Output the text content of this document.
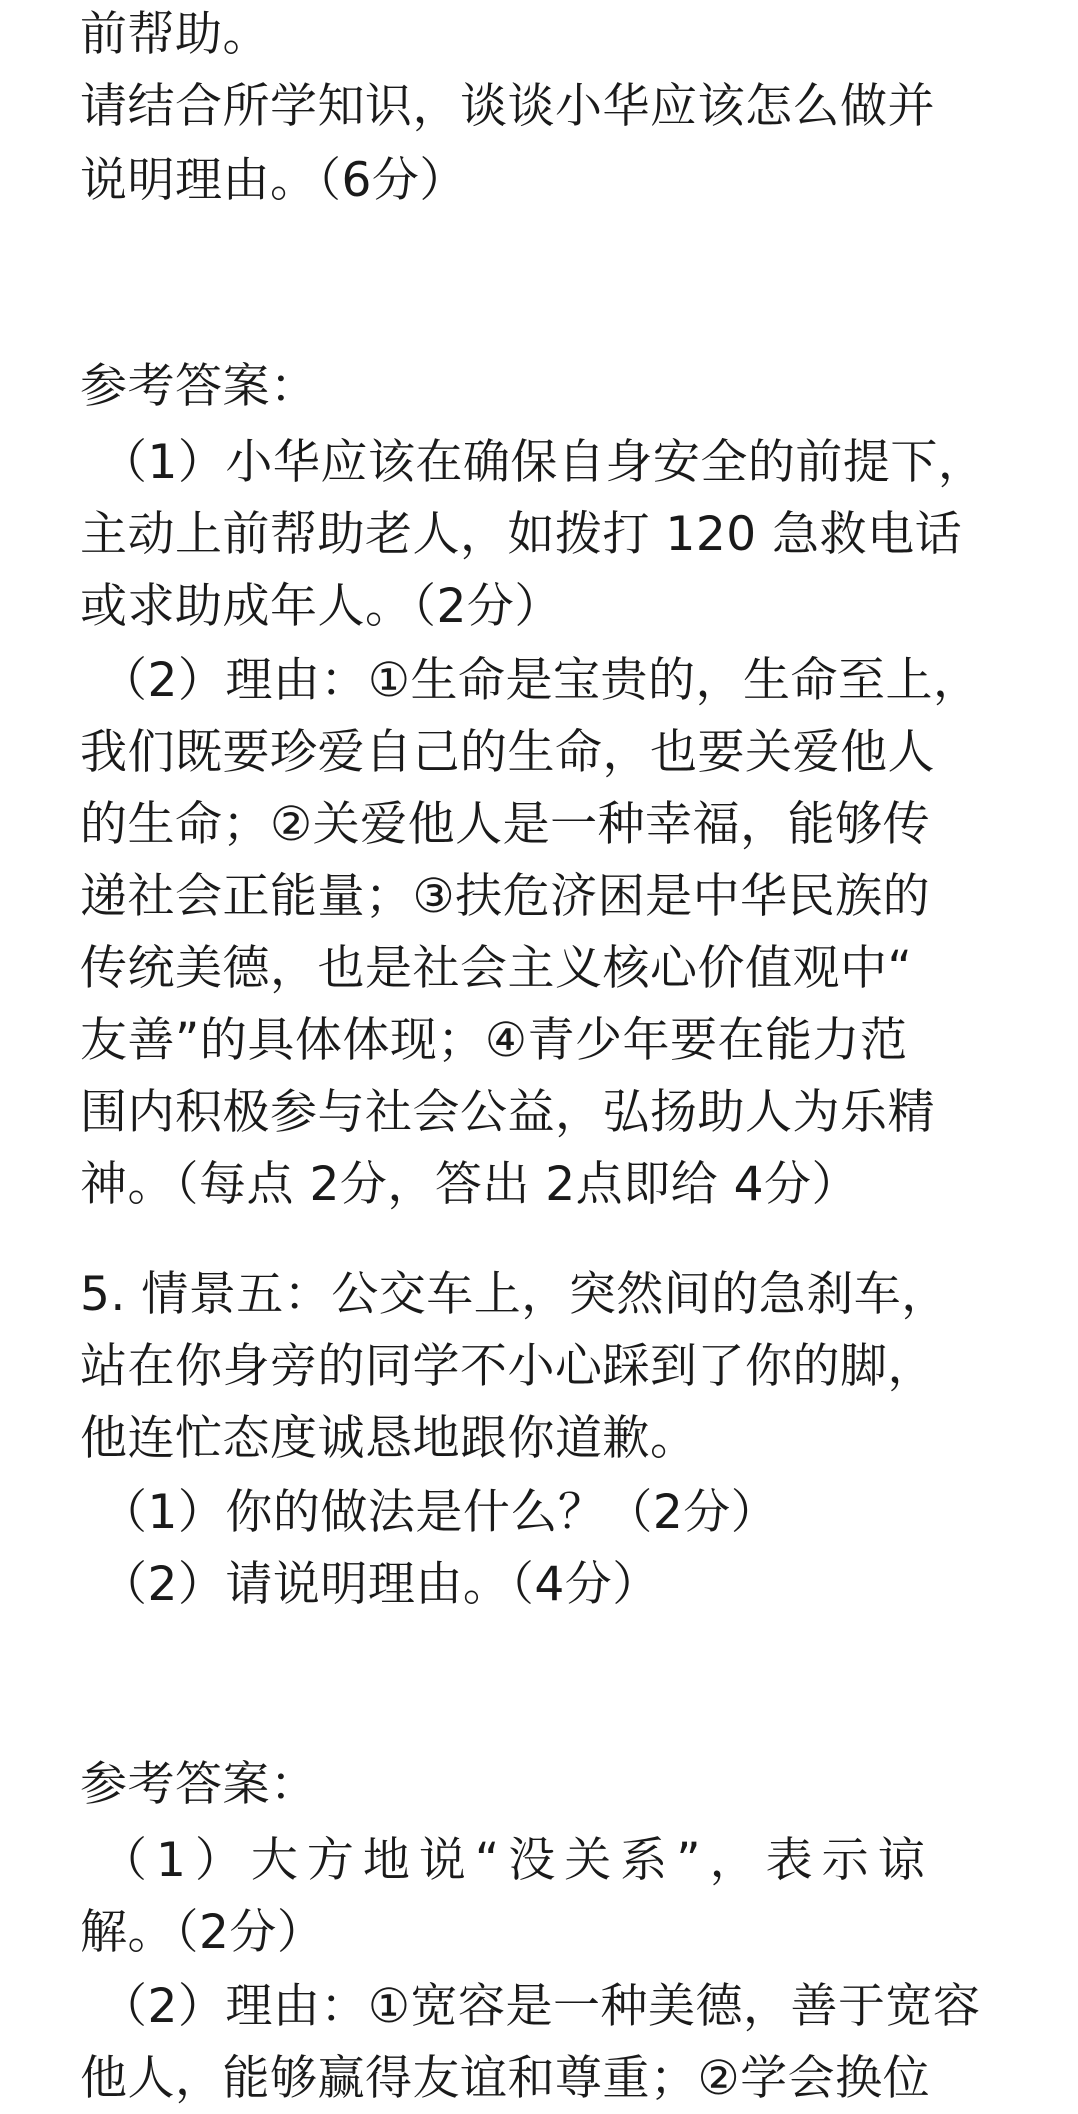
前帮助。
请结合所学知识，谈谈小华应该怎么做并
说明理由。（6分）
参考答案：
（1）小华应该在确保自身安全的前提下，
主动上前帮助老人，如拨打 120 急救电话
或求助成年人。（2分）
（2）理由：①生命是宝贵的，生命至上，
我们既要珍爱自己的生命，也要关爱他人
的生命；②关爱他人是一种幸福，能够传
递社会正能量；③扶危济困是中华民族的
传统美德，也是社会主义核心价值观中“
友善”的具体体现；④青少年要在能力范
围内积极参与社会公益，弘扬助人为乐精
神。（每点 2分，答出 2点即给 4分）
5. 情景五：公交车上，突然间的急刹车，
站在你身旁的同学不小心踩到了你的脚，
他连忙态度诚恳地跟你道歉。
（1）你的做法是什么？（2分）
（2）请说明理由。（4分）
参考答案：
（1）大方地说“没关系”，表示谅
解。（2分）
（2）理由：①宽容是一种美德，善于宽容
他人，能够赢得友谊和尊重；②学会换位
